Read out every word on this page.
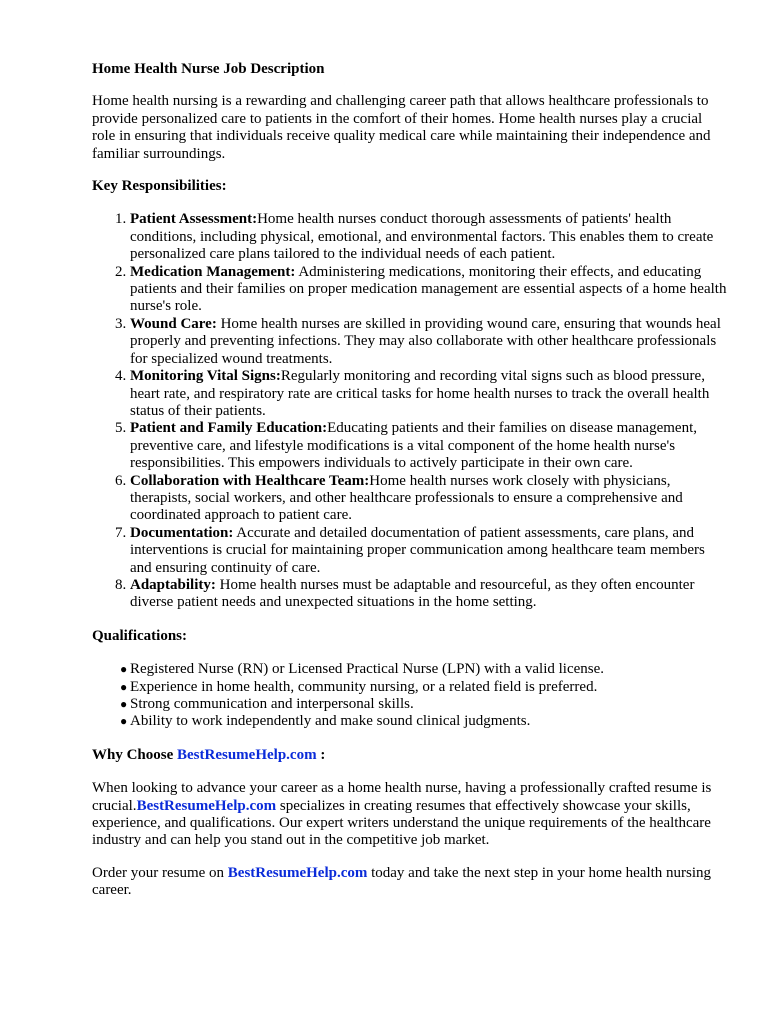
Home Health Nurse Job Description

Home health nursing is a rewarding and challenging career path that allows healthcare professionals to provide personalized care to patients in the comfort of their homes. Home health nurses play a crucial role in ensuring that individuals receive quality medical care while maintaining their independence and familiar surroundings.

Key Responsibilities:
1. Patient Assessment:Home health nurses conduct thorough assessments of patients' health conditions, including physical, emotional, and environmental factors. This enables them to create personalized care plans tailored to the individual needs of each patient.
2. Medication Management: Administering medications, monitoring their effects, and educating patients and their families on proper medication management are essential aspects of a home health nurse's role.
3. Wound Care: Home health nurses are skilled in providing wound care, ensuring that wounds heal properly and preventing infections. They may also collaborate with other healthcare professionals for specialized wound treatments.
4. Monitoring Vital Signs:Regularly monitoring and recording vital signs such as blood pressure, heart rate, and respiratory rate are critical tasks for home health nurses to track the overall health status of their patients.
5. Patient and Family Education:Educating patients and their families on disease management, preventive care, and lifestyle modifications is a vital component of the home health nurse's responsibilities. This empowers individuals to actively participate in their own care.
6. Collaboration with Healthcare Team:Home health nurses work closely with physicians, therapists, social workers, and other healthcare professionals to ensure a comprehensive and coordinated approach to patient care.
7. Documentation: Accurate and detailed documentation of patient assessments, care plans, and interventions is crucial for maintaining proper communication among healthcare team members and ensuring continuity of care.
8. Adaptability: Home health nurses must be adaptable and resourceful, as they often encounter diverse patient needs and unexpected situations in the home setting.
Qualifications:
● Registered Nurse (RN) or Licensed Practical Nurse (LPN) with a valid license.
● Experience in home health, community nursing, or a related field is preferred.
● Strong communication and interpersonal skills.
● Ability to work independently and make sound clinical judgments.
Why Choose BestResumeHelp.com :

When looking to advance your career as a home health nurse, having a professionally crafted resume is crucial.BestResumeHelp.com specializes in creating resumes that effectively showcase your skills, experience, and qualifications. Our expert writers understand the unique requirements of the healthcare industry and can help you stand out in the competitive job market.

Order your resume on BestResumeHelp.com today and take the next step in your home health nursing career.
